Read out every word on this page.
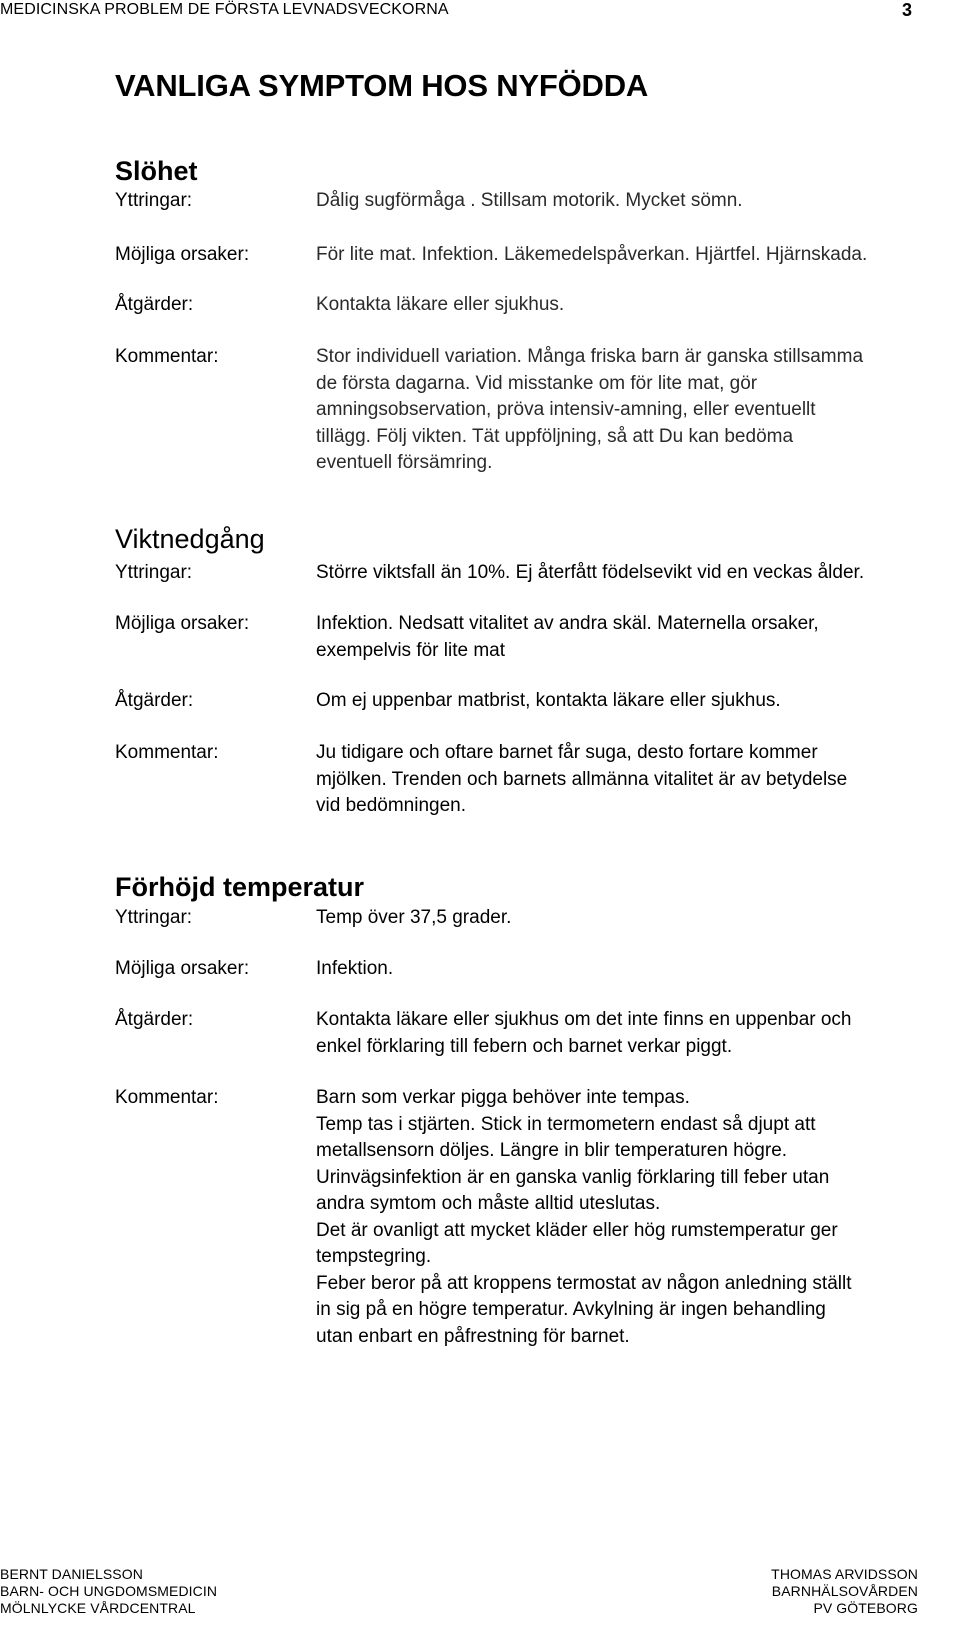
MEDICINSKA PROBLEM DE FÖRSTA LEVNADSVECKORNA	3
VANLIGA SYMPTOM HOS NYFÖDDA
Slöhet
Yttringar:	Dålig sugförmåga . Stillsam motorik. Mycket sömn.
Möjliga orsaker:	För lite mat. Infektion. Läkemedelspåverkan. Hjärtfel. Hjärnskada.
Åtgärder:	Kontakta läkare eller sjukhus.
Kommentar:	Stor individuell variation. Många friska barn är ganska stillsamma
de första dagarna. Vid misstanke om för lite mat, gör
amningsobservation, pröva intensiv-amning, eller eventuellt
tillägg. Följ vikten. Tät uppföljning, så att Du kan bedöma
eventuell försämring.
Viktnedgång
Yttringar:	Större viktsfall än 10%. Ej återfått födelsevikt vid en veckas ålder.
Möjliga orsaker:	Infektion. Nedsatt vitalitet av andra skäl. Maternella orsaker,
exempelvis för lite mat
Åtgärder:	Om ej uppenbar matbrist, kontakta läkare eller sjukhus.
Kommentar:	Ju tidigare och oftare barnet får suga, desto fortare kommer
mjölken. Trenden och barnets allmänna vitalitet är av betydelse
vid bedömningen.
Förhöjd temperatur
Yttringar:	Temp över 37,5 grader.
Möjliga orsaker:	Infektion.
Åtgärder:	Kontakta läkare eller sjukhus om det inte finns en uppenbar och
enkel förklaring till febern och barnet verkar piggt.
Kommentar:	Barn som verkar pigga behöver inte tempas.
Temp tas i stjärten. Stick in termometern endast så djupt att
metallsensorn döljes. Längre in blir temperaturen högre.
Urinvägsinfektion är en ganska vanlig förklaring till feber utan
andra symtom och måste alltid uteslutas.
Det är ovanligt att mycket kläder eller hög rumstemperatur ger
tempstegring.
Feber beror på att kroppens termostat av någon anledning ställt
in sig på en högre temperatur. Avkylning är ingen behandling
utan enbart en påfrestning för barnet.
BERNT DANIELSSON
BARN- OCH UNGDOMSMEDICIN
MÖLNLYCKE VÅRDCENTRAL
THOMAS ARVIDSSON
BARNHÄLSOVÅRDEN
PV GÖTEBORG
